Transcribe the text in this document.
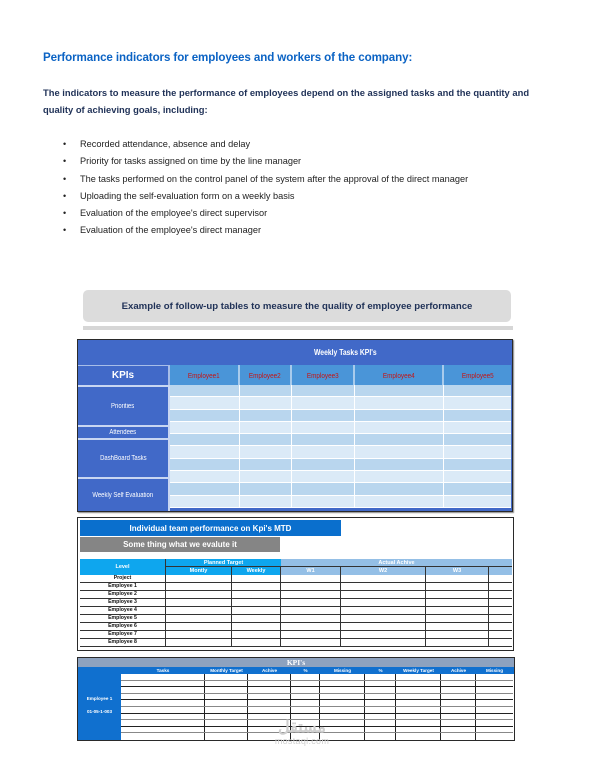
Performance indicators for employees and workers of the company:
The indicators to measure the performance of employees depend on the assigned tasks and the quantity and quality of achieving goals, including:
• Recorded attendance, absence and delay
• Priority for tasks assigned on time by the line manager
• The tasks performed on the control panel of the system after the approval of the direct manager
• Uploading the self-evaluation form on a weekly basis
• Evaluation of the employee's direct supervisor
• Evaluation of the employee's direct manager
Example of follow-up tables to measure the quality of employee performance
Weekly Tasks KPI's
KPIs	Employee1	Employee2	Employee3	Employee4	Employee5
Priorities
Attendees
DashBoard Tasks
Weekly Self Evaluation
Individual team performance on Kpi's MTD
Some thing what we evalute it
Level
Planned Target	Actual Achive
Montly	Weekly	W1	W2	W3
Project
Employee 1
Employee 2
Employee 3
Employee 4
Employee 5
Employee 6
Employee 7
Employee 8
KPI's
Tasks	Monthly Target	Achive	%	Missing	%	Weekly Target	Achive	Missing
Employee 1
01-05-1-003
مستقل
mostaql.com
